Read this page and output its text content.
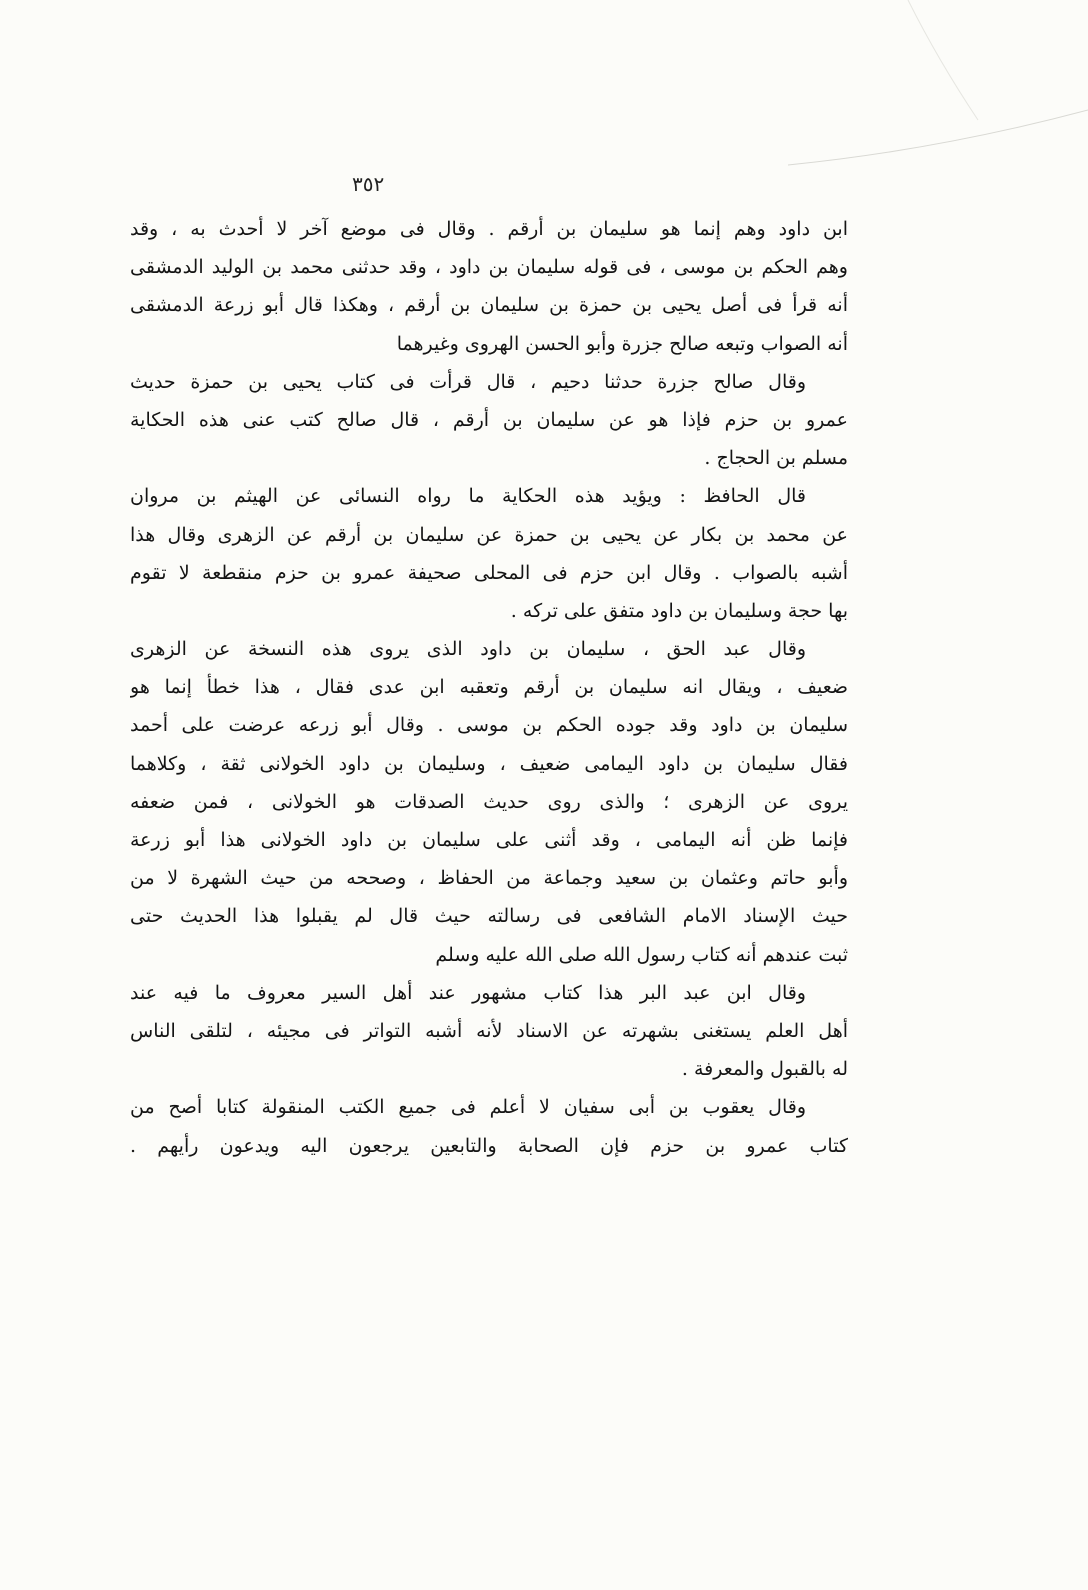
٣٥٢
ابن داود وهم إنما هو سليمان بن أرقم . وقال فى موضع آخر لا أحدث به ، وقد
وهم الحكم بن موسى ، فى قوله سليمان بن داود ، وقد حدثنى محمد بن الوليد الدمشقى
أنه قرأ فى أصل يحيى بن حمزة بن سليمان بن أرقم ، وهكذا قال أبو زرعة الدمشقى
أنه الصواب وتبعه صالح جزرة وأبو الحسن الهروى وغيرهما
وقال صالح جزرة حدثنا دحيم ، قال قرأت فى كتاب يحيى بن حمزة حديث
عمرو بن حزم فإذا هو عن سليمان بن أرقم ، قال صالح كتب عنى هذه الحكاية
مسلم بن الحجاج .
قال الحافظ : ويؤيد هذه الحكاية ما رواه النسائى عن الهيثم بن مروان
عن محمد بن بكار عن يحيى بن حمزة عن سليمان بن أرقم عن الزهرى وقال هذا
أشبه بالصواب . وقال ابن حزم فى المحلى صحيفة عمرو بن حزم منقطعة لا تقوم
بها حجة وسليمان بن داود متفق على تركه .
وقال عبد الحق ، سليمان بن داود الذى يروى هذه النسخة عن الزهرى
ضعيف ، ويقال انه سليمان بن أرقم وتعقبه ابن عدى فقال ، هذا خطأ إنما هو
سليمان بن داود وقد جوده الحكم بن موسى . وقال أبو زرعه عرضت على أحمد
فقال سليمان بن داود اليمامى ضعيف ، وسليمان بن داود الخولانى ثقة ، وكلاهما
يروى عن الزهرى ؛ والذى روى حديث الصدقات هو الخولانى ، فمن ضعفه
فإنما ظن أنه اليمامى ، وقد أثنى على سليمان بن داود الخولانى هذا أبو زرعة
وأبو حاتم وعثمان بن سعيد وجماعة من الحفاظ ، وصححه من حيث الشهرة لا من
حيث الإسناد الامام الشافعى فى رسالته حيث قال لم يقبلوا هذا الحديث حتى
ثبت عندهم أنه كتاب رسول الله صلى الله عليه وسلم
وقال ابن عبد البر هذا كتاب مشهور عند أهل السير معروف ما فيه عند
أهل العلم يستغنى بشهرته عن الاسناد لأنه أشبه التواتر فى مجيئه ، لتلقى الناس
له بالقبول والمعرفة .
وقال يعقوب بن أبى سفيان لا أعلم فى جميع الكتب المنقولة كتابا أصح من
كتاب عمرو بن حزم فإن الصحابة والتابعين يرجعون اليه ويدعون رأيهم .
